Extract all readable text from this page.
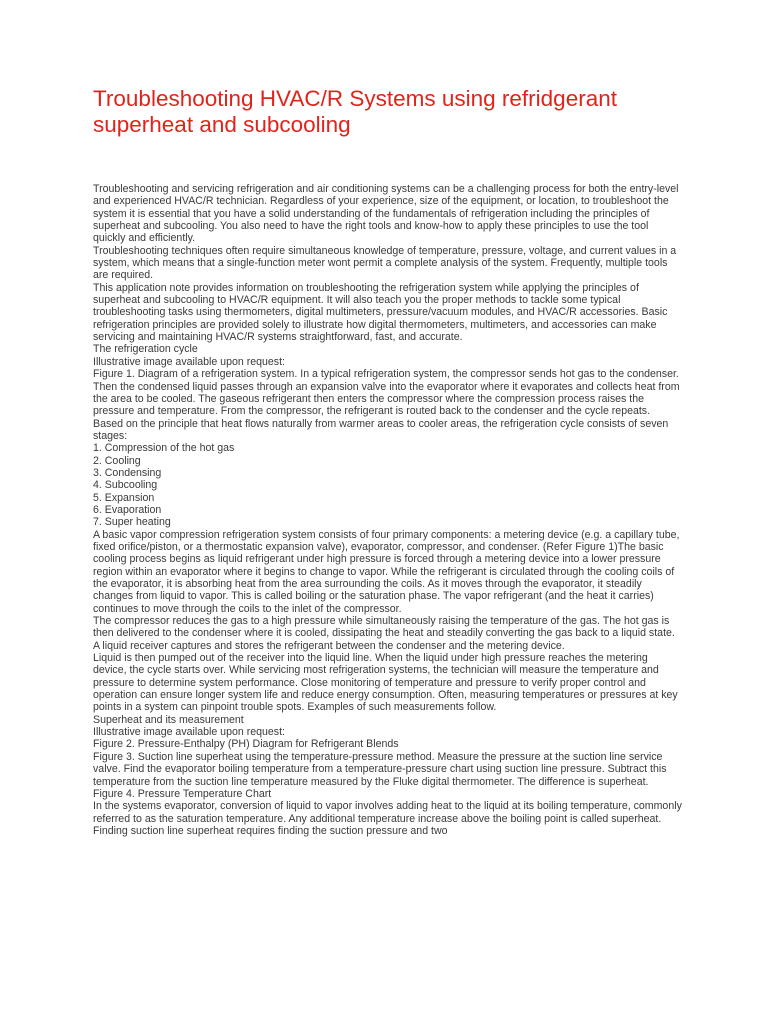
Troubleshooting HVAC/R Systems using refridgerant superheat and subcooling

Troubleshooting and servicing refrigeration and air conditioning systems can be a challenging process for both the entry-level and experienced HVAC/R technician. Regardless of your experience, size of the equipment, or location, to troubleshoot the system it is essential that you have a solid understanding of the fundamentals of refrigeration including the principles of superheat and subcooling. You also need to have the right tools and know-how to apply these principles to use the tool quickly and efficiently.

Troubleshooting techniques often require simultaneous knowledge of temperature, pressure, voltage, and current values in a system, which means that a single-function meter wont permit a complete analysis of the system. Frequently, multiple tools are required.

This application note provides information on troubleshooting the refrigeration system while applying the principles of superheat and subcooling to HVAC/R equipment. It will also teach you the proper methods to tackle some typical troubleshooting tasks using thermometers, digital multimeters, pressure/vacuum modules, and HVAC/R accessories. Basic refrigeration principles are provided solely to illustrate how digital thermometers, multimeters, and accessories can make servicing and maintaining HVAC/R systems straightforward, fast, and accurate.

The refrigeration cycle

Illustrative image available upon request:

Figure 1. Diagram of a refrigeration system. In a typical refrigeration system, the compressor sends hot gas to the condenser. Then the condensed liquid passes through an expansion valve into the evaporator where it evaporates and collects heat from the area to be cooled. The gaseous refrigerant then enters the compressor where the compression process raises the pressure and temperature. From the compressor, the refrigerant is routed back to the condenser and the cycle repeats.

Based on the principle that heat flows naturally from warmer areas to cooler areas, the refrigeration cycle consists of seven stages:

1. Compression of the hot gas

2. Cooling

3. Condensing

4. Subcooling

5. Expansion

6. Evaporation

7. Super heating

A basic vapor compression refrigeration system consists of four primary components: a metering device (e.g. a capillary tube, fixed orifice/piston, or a thermostatic expansion valve), evaporator, compressor, and condenser. (Refer Figure 1)The basic cooling process begins as liquid refrigerant under high pressure is forced through a metering device into a lower pressure region within an evaporator where it begins to change to vapor. While the refrigerant is circulated through the cooling coils of the evaporator, it is absorbing heat from the area surrounding the coils. As it moves through the evaporator, it steadily changes from liquid to vapor. This is called boiling or the saturation phase. The vapor refrigerant (and the heat it carries) continues to move through the coils to the inlet of the compressor.

The compressor reduces the gas to a high pressure while simultaneously raising the temperature of the gas. The hot gas is then delivered to the condenser where it is cooled, dissipating the heat and steadily converting the gas back to a liquid state. A liquid receiver captures and stores the refrigerant between the condenser and the metering device.

Liquid is then pumped out of the receiver into the liquid line. When the liquid under high pressure reaches the metering device, the cycle starts over. While servicing most refrigeration systems, the technician will measure the temperature and pressure to determine system performance. Close monitoring of temperature and pressure to verify proper control and operation can ensure longer system life and reduce energy consumption. Often, measuring temperatures or pressures at key points in a system can pinpoint trouble spots. Examples of such measurements follow.

Superheat and its measurement

Illustrative image available upon request:

Figure 2. Pressure-Enthalpy (PH) Diagram for Refrigerant Blends

Figure 3. Suction line superheat using the temperature-pressure method. Measure the pressure at the suction line service valve. Find the evaporator boiling temperature from a temperature-pressure chart using suction line pressure. Subtract this temperature from the suction line temperature measured by the Fluke digital thermometer. The difference is superheat.

Figure 4. Pressure Temperature Chart

In the systems evaporator, conversion of liquid to vapor involves adding heat to the liquid at its boiling temperature, commonly referred to as the saturation temperature. Any additional temperature increase above the boiling point is called superheat. Finding suction line superheat requires finding the suction pressure and two
